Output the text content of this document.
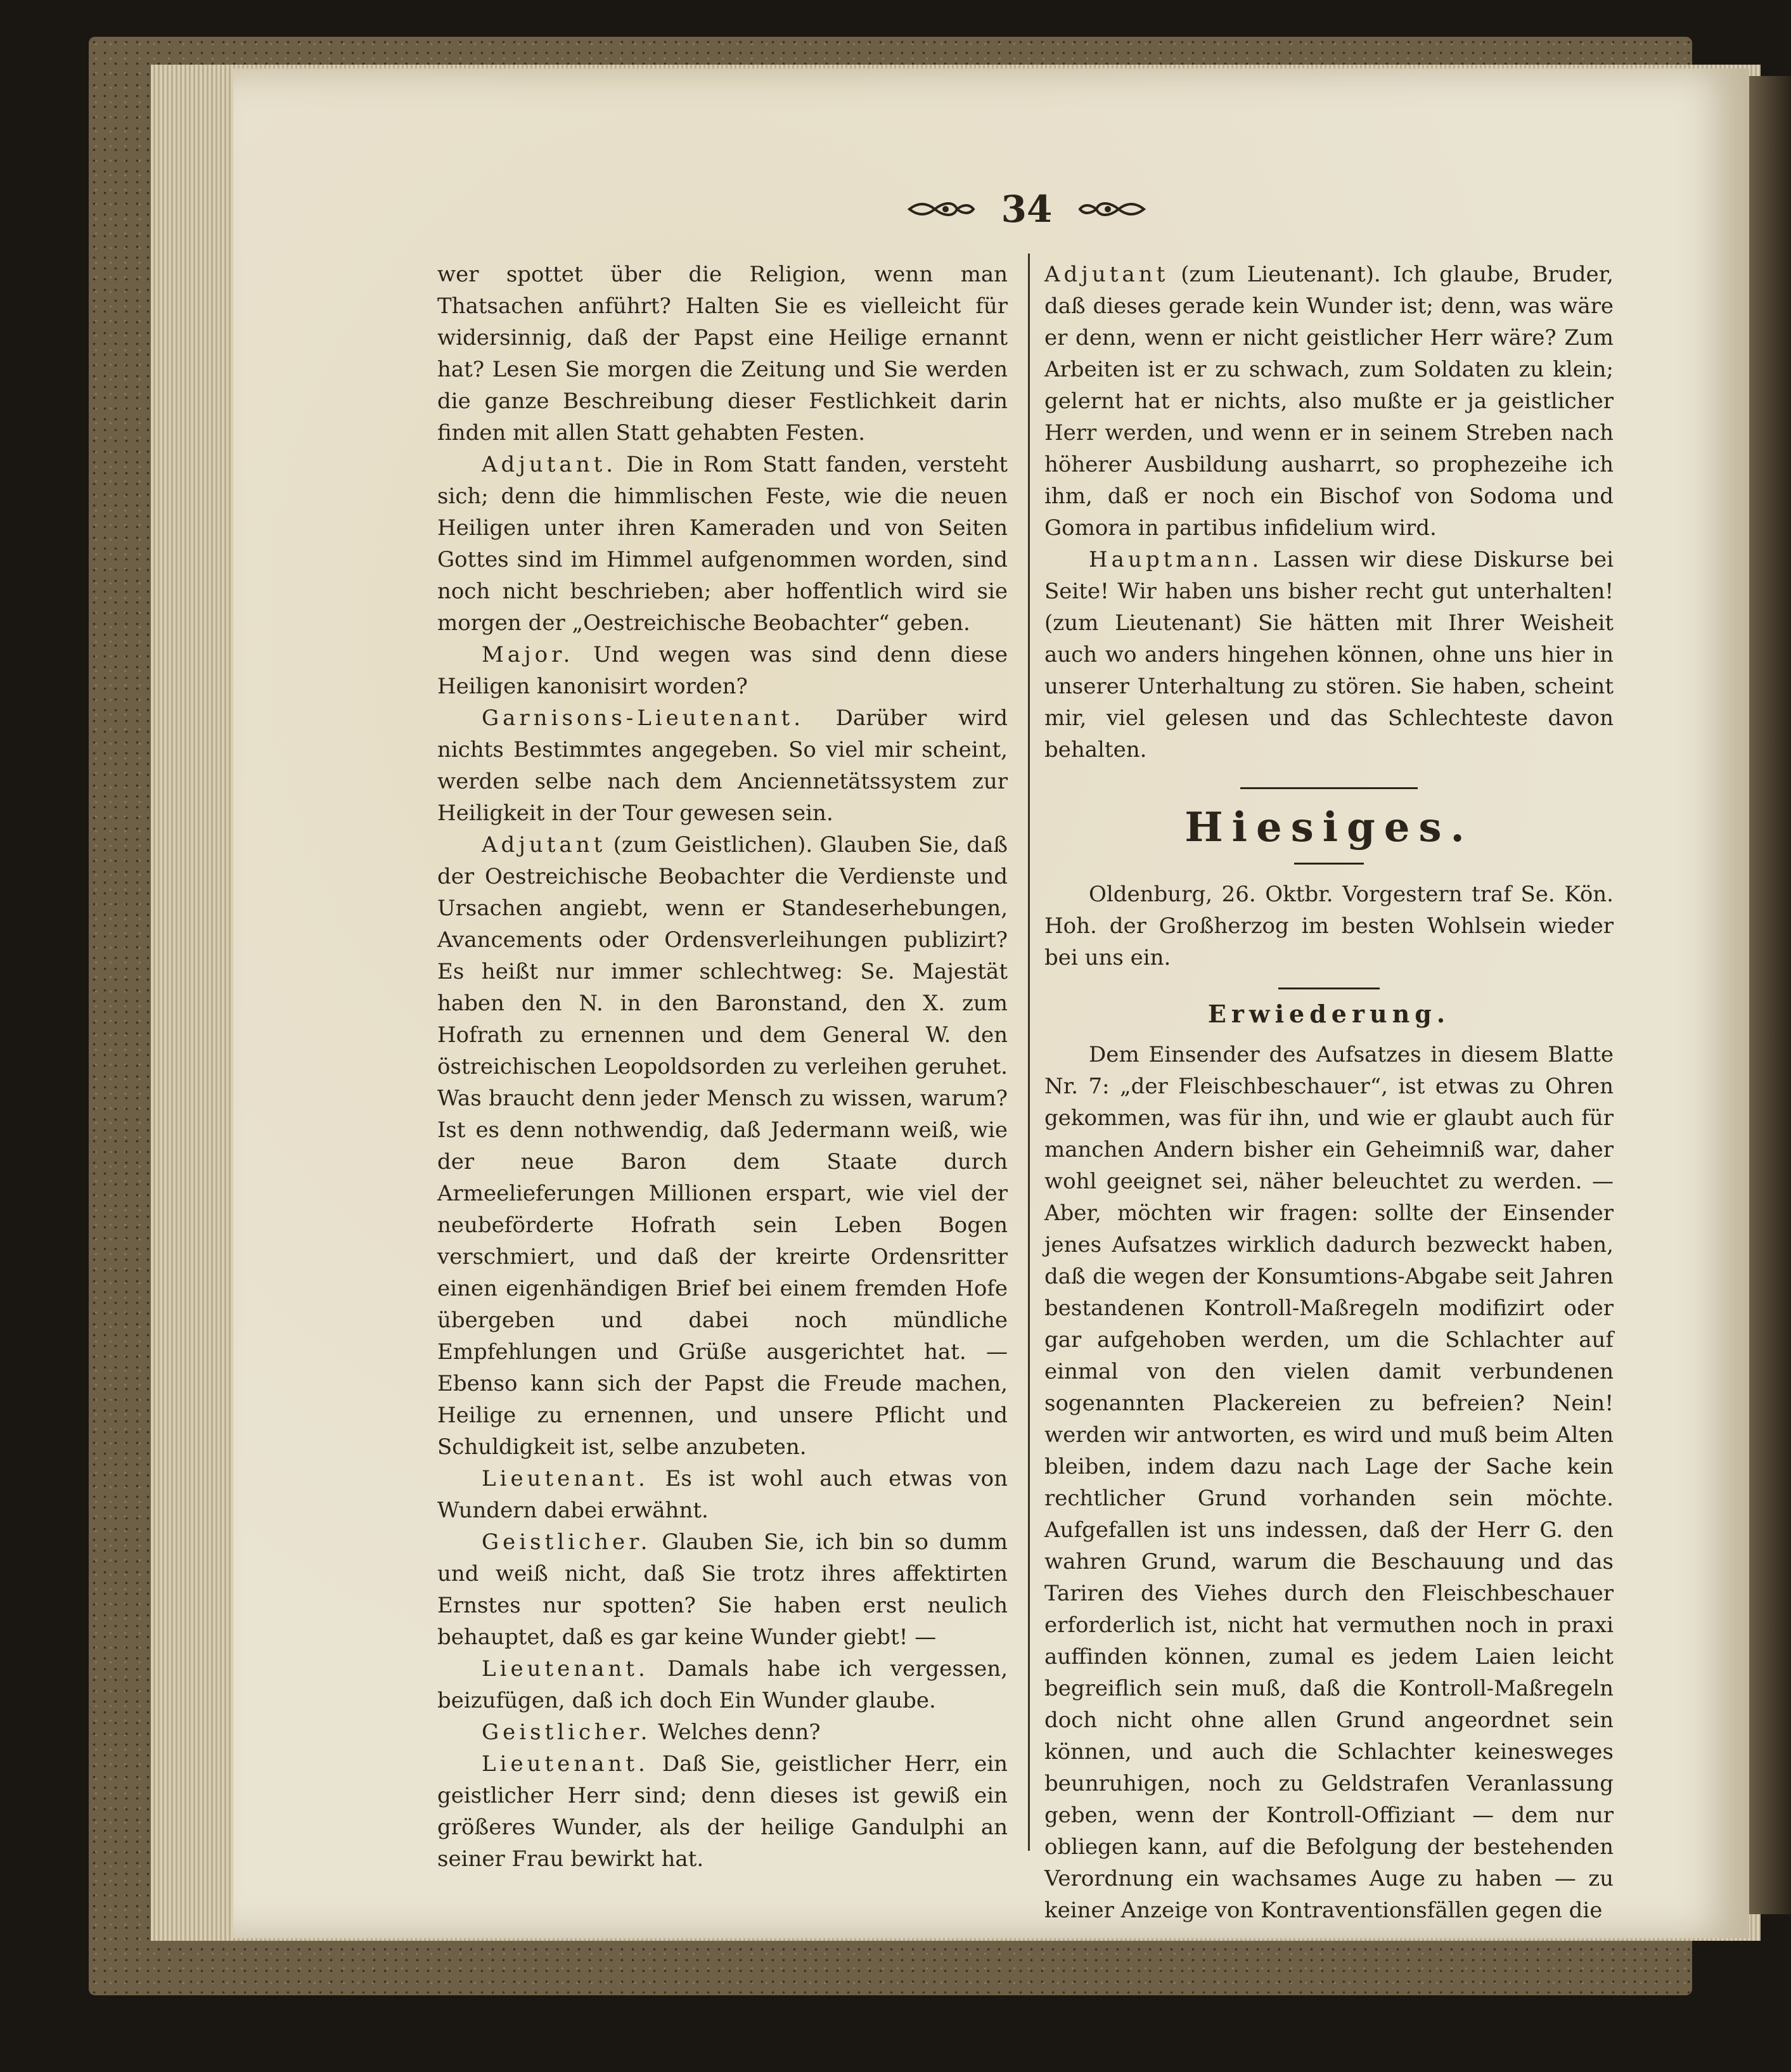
34

wer spottet über die Religion, wenn man Thatsachen anführt? Halten Sie es vielleicht für widersinnig, daß der Papst eine Heilige ernannt hat? Lesen Sie morgen die Zeitung und Sie werden die ganze Beschreibung dieser Festlichkeit darin finden mit allen Statt gehabten Festen.

Adjutant. Die in Rom Statt fanden, versteht sich; denn die himmlischen Feste, wie die neuen Heiligen unter ihren Kameraden und von Seiten Gottes sind im Himmel aufgenommen worden, sind noch nicht beschrieben; aber hoffentlich wird sie morgen der „Oestreichische Beobachter“ geben.

Major. Und wegen was sind denn diese Heiligen kanonisirt worden?

Garnisons-Lieutenant. Darüber wird nichts Bestimmtes angegeben. So viel mir scheint, werden selbe nach dem Anciennetätssystem zur Heiligkeit in der Tour gewesen sein.

Adjutant (zum Geistlichen). Glauben Sie, daß der Oestreichische Beobachter die Verdienste und Ursachen angiebt, wenn er Standeserhebungen, Avancements oder Ordensverleihungen publizirt? Es heißt nur immer schlechtweg: Se. Majestät haben den N. in den Baronstand, den X. zum Hofrath zu ernennen und dem General W. den östreichischen Leopoldsorden zu verleihen geruhet. Was braucht denn jeder Mensch zu wissen, warum? Ist es denn nothwendig, daß Jedermann weiß, wie der neue Baron dem Staate durch Armeelieferungen Millionen erspart, wie viel der neubeförderte Hofrath sein Leben Bogen verschmiert, und daß der kreirte Ordensritter einen eigenhändigen Brief bei einem fremden Hofe übergeben und dabei noch mündliche Empfehlungen und Grüße ausgerichtet hat. — Ebenso kann sich der Papst die Freude machen, Heilige zu ernennen, und unsere Pflicht und Schuldigkeit ist, selbe anzubeten.

Lieutenant. Es ist wohl auch etwas von Wundern dabei erwähnt.

Geistlicher. Glauben Sie, ich bin so dumm und weiß nicht, daß Sie trotz ihres affektirten Ernstes nur spotten? Sie haben erst neulich behauptet, daß es gar keine Wunder giebt! —

Lieutenant. Damals habe ich vergessen, beizufügen, daß ich doch Ein Wunder glaube.

Geistlicher. Welches denn?

Lieutenant. Daß Sie, geistlicher Herr, ein geistlicher Herr sind; denn dieses ist gewiß ein größeres Wunder, als der heilige Gandulphi an seiner Frau bewirkt hat.

Adjutant (zum Lieutenant). Ich glaube, Bruder, daß dieses gerade kein Wunder ist; denn, was wäre er denn, wenn er nicht geistlicher Herr wäre? Zum Arbeiten ist er zu schwach, zum Soldaten zu klein; gelernt hat er nichts, also mußte er ja geistlicher Herr werden, und wenn er in seinem Streben nach höherer Ausbildung ausharrt, so prophezeihe ich ihm, daß er noch ein Bischof von Sodoma und Gomora in partibus infidelium wird.

Hauptmann. Lassen wir diese Diskurse bei Seite! Wir haben uns bisher recht gut unterhalten! (zum Lieutenant) Sie hätten mit Ihrer Weisheit auch wo anders hingehen können, ohne uns hier in unserer Unterhaltung zu stören. Sie haben, scheint mir, viel gelesen und das Schlechteste davon behalten.

Hiesiges.

Oldenburg, 26. Oktbr. Vorgestern traf Se. Kön. Hoh. der Großherzog im besten Wohlsein wieder bei uns ein.

Erwiederung.

Dem Einsender des Aufsatzes in diesem Blatte Nr. 7: „der Fleischbeschauer“, ist etwas zu Ohren gekommen, was für ihn, und wie er glaubt auch für manchen Andern bisher ein Geheimniß war, daher wohl geeignet sei, näher beleuchtet zu werden. — Aber, möchten wir fragen: sollte der Einsender jenes Aufsatzes wirklich dadurch bezweckt haben, daß die wegen der Konsumtions-Abgabe seit Jahren bestandenen Kontroll-Maßregeln modifizirt oder gar aufgehoben werden, um die Schlachter auf einmal von den vielen damit verbundenen sogenannten Plackereien zu befreien? Nein! werden wir antworten, es wird und muß beim Alten bleiben, indem dazu nach Lage der Sache kein rechtlicher Grund vorhanden sein möchte. Aufgefallen ist uns indessen, daß der Herr G. den wahren Grund, warum die Beschauung und das Tariren des Viehes durch den Fleischbeschauer erforderlich ist, nicht hat vermuthen noch in praxi auffinden können, zumal es jedem Laien leicht begreiflich sein muß, daß die Kontroll-Maßregeln doch nicht ohne allen Grund angeordnet sein können, und auch die Schlachter keinesweges beunruhigen, noch zu Geldstrafen Veranlassung geben, wenn der Kontroll-Offiziant — dem nur obliegen kann, auf die Befolgung der bestehenden Verordnung ein wachsames Auge zu haben — zu keiner Anzeige von Kontraventionsfällen gegen die
